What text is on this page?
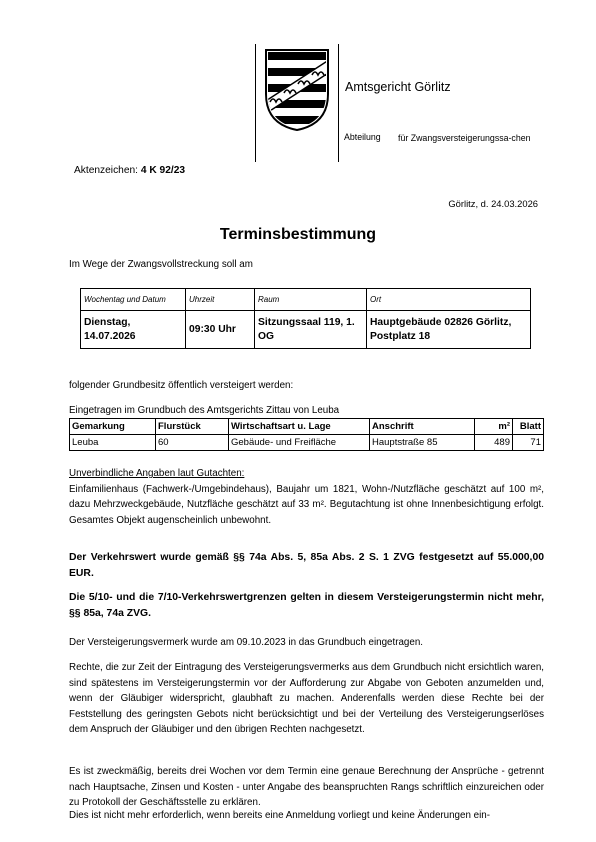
Amtsgericht Görlitz
Abteilung für Zwangsversteigerungssa-chen
Aktenzeichen: 4 K 92/23
Görlitz, d. 24.03.2026
Terminsbestimmung
Im Wege der Zwangsvollstreckung soll am
Wochentag und Datum	Uhrzeit	Raum	Ort
Dienstag, 14.07.2026	09:30 Uhr	Sitzungssaal 119, 1. OG	Hauptgebäude 02826 Görlitz, Postplatz 18
folgender Grundbesitz öffentlich versteigert werden:
Eingetragen im Grundbuch des Amtsgerichts Zittau von Leuba
Gemarkung	Flurstück	Wirtschaftsart u. Lage	Anschrift	m²	Blatt
Leuba	60	Gebäude- und Freifläche	Hauptstraße 85	489	71
Unverbindliche Angaben laut Gutachten:
Einfamilienhaus (Fachwerk-/Umgebindehaus), Baujahr um 1821, Wohn-/Nutzfläche geschätzt auf 100 m², dazu Mehrzweckgebäude, Nutzfläche geschätzt auf 33 m². Begutachtung ist ohne Innenbesichtigung erfolgt. Gesamtes Objekt augenscheinlich unbewohnt.
Der Verkehrswert wurde gemäß §§ 74a Abs. 5, 85a Abs. 2 S. 1 ZVG festgesetzt auf 55.000,00 EUR.
Die 5/10- und die 7/10-Verkehrswertgrenzen gelten in diesem Versteigerungstermin nicht mehr, §§ 85a, 74a ZVG.
Der Versteigerungsvermerk wurde am 09.10.2023 in das Grundbuch eingetragen.
Rechte, die zur Zeit der Eintragung des Versteigerungsvermerks aus dem Grundbuch nicht ersichtlich waren, sind spätestens im Versteigerungstermin vor der Aufforderung zur Abgabe von Geboten anzumelden und, wenn der Gläubiger widerspricht, glaubhaft zu machen. Anderenfalls werden diese Rechte bei der Feststellung des geringsten Gebots nicht berücksichtigt und bei der Verteilung des Versteigerungserlöses dem Anspruch der Gläubiger und den übrigen Rechten nachgesetzt.
Es ist zweckmäßig, bereits drei Wochen vor dem Termin eine genaue Berechnung der Ansprüche - getrennt nach Hauptsache, Zinsen und Kosten - unter Angabe des beanspruchten Rangs schriftlich einzureichen oder zu Protokoll der Geschäftsstelle zu erklären.
Dies ist nicht mehr erforderlich, wenn bereits eine Anmeldung vorliegt und keine Änderungen ein-
